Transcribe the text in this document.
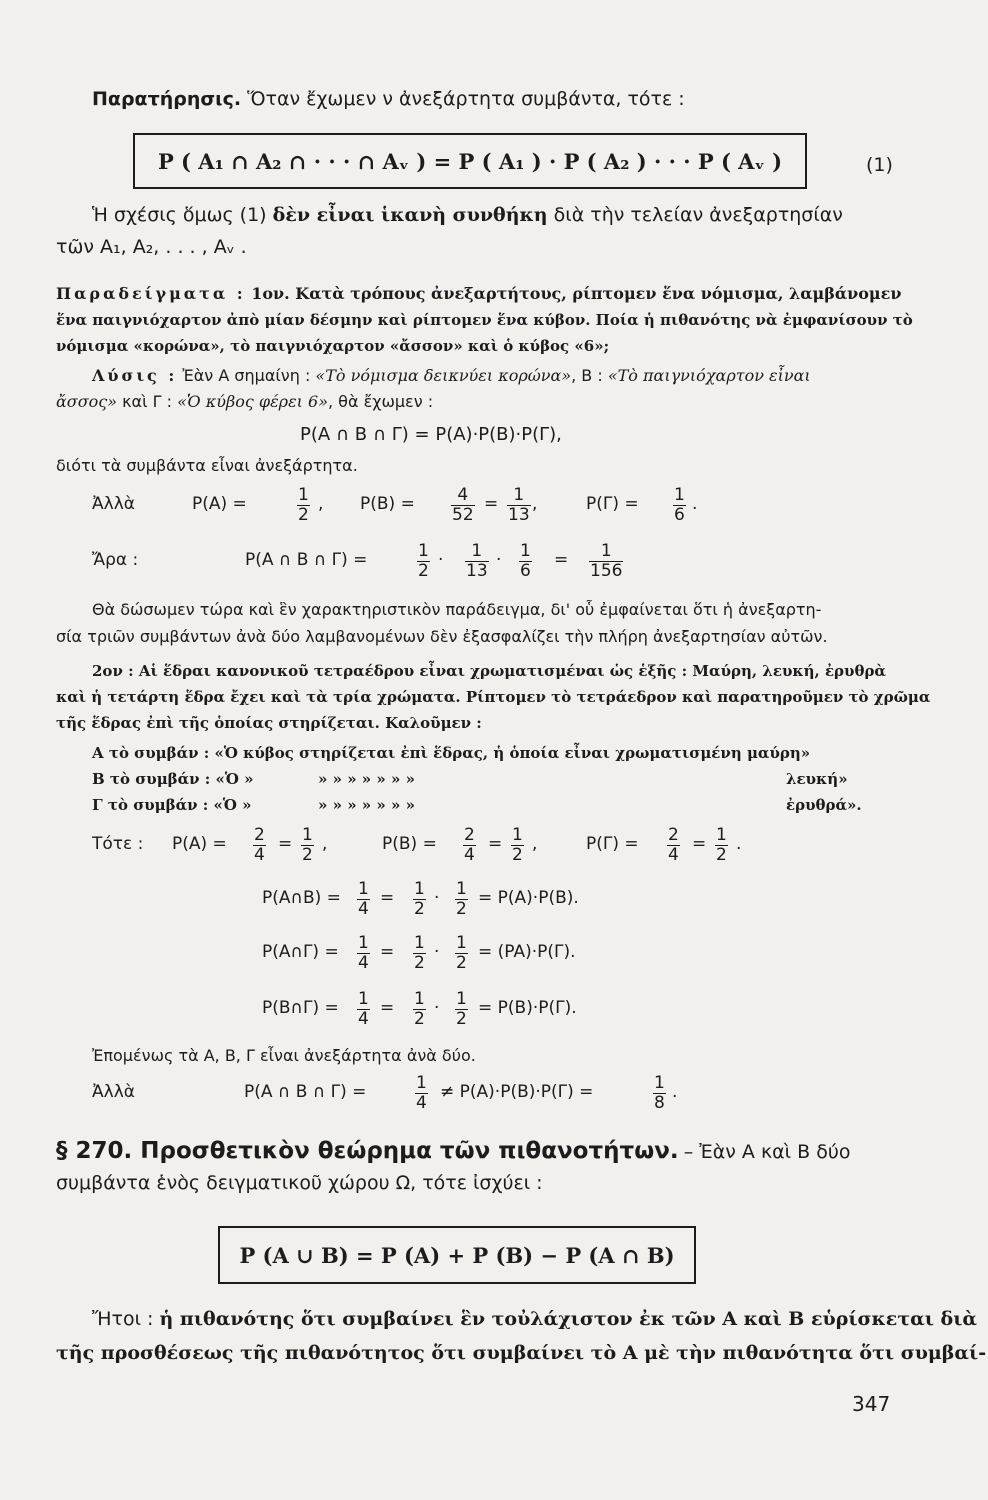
Παρατήρησις. Ὅταν ἔχωμεν ν ἀνεξάρτητα συμβάντα, τότε :
P ( A₁ ∩ A₂ ∩ · · · ∩ Aᵥ ) = P ( A₁ ) · P ( A₂ ) · · · P ( Aᵥ )	(1)
Ἡ σχέσις ὅμως (1) δὲν εἶναι ἱκανὴ συνθήκη διὰ τὴν τελείαν ἀνεξαρτησίαν
τῶν A₁, A₂, . . . , Aᵥ .
Παραδείγματα : 1ον. Κατὰ τρόπους ἀνεξαρτήτους, ρίπτομεν ἕνα νόμισμα, λαμβάνομεν
ἕνα παιγνιόχαρτον ἀπὸ μίαν δέσμην καὶ ρίπτομεν ἕνα κύβον. Ποία ἡ πιθανότης νὰ ἐμφανίσουν τὸ
νόμισμα «κορώνα», τὸ παιγνιόχαρτον «ἄσσον» καὶ ὁ κύβος «6»;
Λύσις : Ἐὰν A σημαίνη : «Τὸ νόμισμα δεικνύει κορώνα», B : «Τὸ παιγνιόχαρτον εἶναι
ἄσσος» καὶ Γ : «Ὁ κύβος φέρει 6», θὰ ἔχωμεν :
P(A ∩ B ∩ Γ) = P(A)·P(B)·P(Γ),
διότι τὰ συμβάντα εἶναι ἀνεξάρτητα.
Ἀλλὰ	P(A) =	$\frac{1}{2}$ , $P(B) = \frac{4}{52} = \frac{1}{13}$ ,	$P(\Gamma) = \frac{1}{6}$ .
Ἄρα :	P(A ∩ B ∩ Γ) =	$\frac{1}{2} \cdot \frac{1}{13} \cdot \frac{1}{6} = \frac{1}{156}$
Θὰ δώσωμεν τώρα καὶ ἓν χαρακτηριστικὸν παράδειγμα, δι' οὗ ἐμφαίνεται ὅτι ἡ ἀνεξαρτη-
σία τριῶν συμβάντων ἀνὰ δύο λαμβανομένων δὲν ἐξασφαλίζει τὴν πλήρη ἀνεξαρτησίαν αὐτῶν.
2ον : Αἱ ἕδραι κανονικοῦ τετραέδρου εἶναι χρωματισμέναι ὡς ἑξῆς : Μαύρη, λευκή, ἐρυθρὰ
καὶ ἡ τετάρτη ἕδρα ἔχει καὶ τὰ τρία χρώματα. Ρίπτομεν τὸ τετράεδρον καὶ παρατηροῦμεν τὸ χρῶμα
τῆς ἕδρας ἐπὶ τῆς ὁποίας στηρίζεται. Καλοῦμεν :
A τὸ συμβάν : «Ὁ κύβος στηρίζεται ἐπὶ ἕδρας, ἡ ὁποία εἶναι χρωματισμένη μαύρη»
B τὸ συμβάν : «Ὁ »	» » » » » » »	λευκή»
Γ τὸ συμβάν : «Ὁ »	» » » » » » »	ἐρυθρά».
Τότε : $P(A) = \frac{2}{4} = \frac{1}{2}$ ,	$P(B) = \frac{2}{4} = \frac{1}{2}$ ,	$P(\Gamma) = \frac{2}{4} = \frac{1}{2}$ .
P(A∩B) = $\frac{1}{4} = \frac{1}{2} \cdot \frac{1}{2} = P(A)\cdot P(B)$.
P(A∩Γ) = $\frac{1}{4} = \frac{1}{2} \cdot \frac{1}{2} = (PA)\cdot P(\Gamma)$.
P(B∩Γ) = $\frac{1}{4} = \frac{1}{2} \cdot \frac{1}{2} = P(B)\cdot P(\Gamma)$.
Ἐπομένως τὰ A, B, Γ εἶναι ἀνεξάρτητα ἀνὰ δύο.
Ἀλλὰ	P(A ∩ B ∩ Γ) =	$\frac{1}{4} \ne P(A)\cdot P(B)\cdot P(\Gamma)$ =	$\frac{1}{8}$ .
§ 270. Προσθετικὸν θεώρημα τῶν πιθανοτήτων. – Ἐὰν A καὶ B δύο
συμβάντα ἑνὸς δειγματικοῦ χώρου Ω, τότε ἰσχύει :
P (A ∪ B) = P (A) + P (B) − P (A ∩ B)
Ἤτοι : ἡ πιθανότης ὅτι συμβαίνει ἓν τοὐλάχιστον ἐκ τῶν A καὶ B εὑρίσκεται διὰ
τῆς προσθέσεως τῆς πιθανότητος ὅτι συμβαίνει τὸ A μὲ τὴν πιθανότητα ὅτι συμβαί-
347
